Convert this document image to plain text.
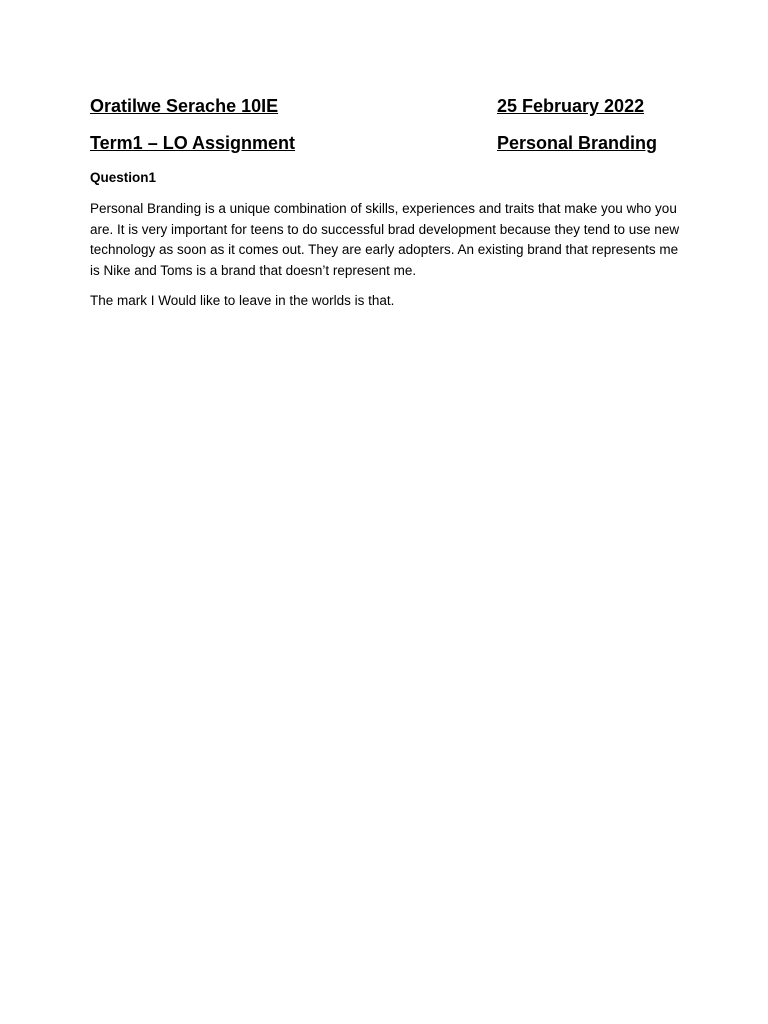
Oratilwe Serache 10IE	25 February 2022
Term1 – LO Assignment	Personal Branding
Question1

Personal Branding is a unique combination of skills, experiences and traits that make you who you are. It is very important for teens to do successful brad development because they tend to use new technology as soon as it comes out. They are early adopters. An existing brand that represents me is Nike and Toms is a brand that doesn’t represent me.

The mark I Would like to leave in the worlds is that.
